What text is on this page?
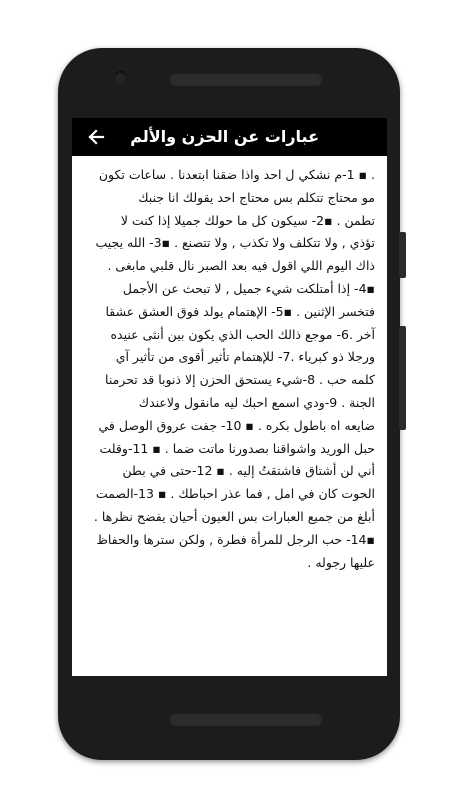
عبارات عن الحزن والألم
. ▪ 1-م نشكي ل احد واذا ضقنا ابتعدنا . ساعات تكون
مو محتاج تتكلم بس محتاج احد يقولك انا جنبك
تطمن . ▪2- سيكون كل ما حولك جميلا إذا كنت لا
تؤذي , ولا تتكلف ولا تكذب , ولا تتصنع . ▪3- الله يجيب
ذاك اليوم اللي اقول فيه بعد الصبر نال قلبي مابغى .
▪4- إذا أمتلكت شيء جميل , لا تبحث عن الأجمل
فتخسر الإثنين . ▪5- الإهتمام يولد فوق العشق عشقا
آخر .6- موجع ذالك الحب الذي يكون بين أنثى عنيده
ورجلا ذو كبرياء .7- للإهتمام تأثير أقوى من تأثير آي
كلمه حب . 8-شيء يستحق الحزن إلا ذنوبا قد تحرمنا
الجنة . 9-ودي اسمع احبك ليه مانقول ولاعندك
ضايعه اه باطول بكره . ▪ 10- جفت عروق الوصل في
حبل الوريد واشواقنا بصدورنا ماتت ضما . ▪ 11-وقلت
أني لن أشتاق فاشتقتُ إليه . ▪ 12-حتى في بطن
الحوت كان في امل , فما عذر احباطك . ▪ 13-الصمت
أبلغ من جميع العبارات بس العيون أحيان يفضح نظرها .
▪14- حب الرجل للمرأة فطرة , ولكن سترها والحفاظ
عليها رجوله .
